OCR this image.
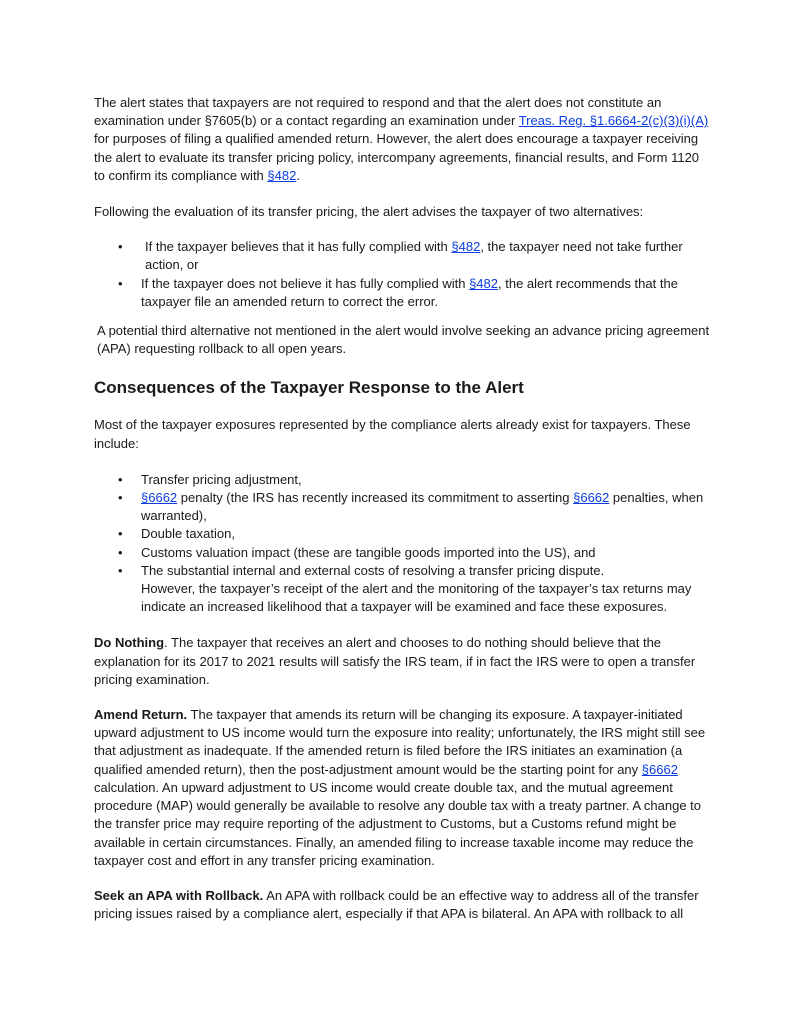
The alert states that taxpayers are not required to respond and that the alert does not constitute an examination under §7605(b) or a contact regarding an examination under Treas. Reg. §1.6664-2(c)(3)(i)(A) for purposes of filing a qualified amended return. However, the alert does encourage a taxpayer receiving the alert to evaluate its transfer pricing policy, intercompany agreements, financial results, and Form 1120 to confirm its compliance with §482.

Following the evaluation of its transfer pricing, the alert advises the taxpayer of two alternatives:

• If the taxpayer believes that it has fully complied with §482, the taxpayer need not take further action, or
• If the taxpayer does not believe it has fully complied with §482, the alert recommends that the taxpayer file an amended return to correct the error.

A potential third alternative not mentioned in the alert would involve seeking an advance pricing agreement (APA) requesting rollback to all open years.

Consequences of the Taxpayer Response to the Alert

Most of the taxpayer exposures represented by the compliance alerts already exist for taxpayers. These include:

• Transfer pricing adjustment,
• §6662 penalty (the IRS has recently increased its commitment to asserting §6662 penalties, when warranted),
• Double taxation,
• Customs valuation impact (these are tangible goods imported into the US), and
• The substantial internal and external costs of resolving a transfer pricing dispute.
However, the taxpayer’s receipt of the alert and the monitoring of the taxpayer’s tax returns may indicate an increased likelihood that a taxpayer will be examined and face these exposures.

Do Nothing. The taxpayer that receives an alert and chooses to do nothing should believe that the explanation for its 2017 to 2021 results will satisfy the IRS team, if in fact the IRS were to open a transfer pricing examination.

Amend Return. The taxpayer that amends its return will be changing its exposure. A taxpayer-initiated upward adjustment to US income would turn the exposure into reality; unfortunately, the IRS might still see that adjustment as inadequate. If the amended return is filed before the IRS initiates an examination (a qualified amended return), then the post-adjustment amount would be the starting point for any §6662 calculation. An upward adjustment to US income would create double tax, and the mutual agreement procedure (MAP) would generally be available to resolve any double tax with a treaty partner. A change to the transfer price may require reporting of the adjustment to Customs, but a Customs refund might be available in certain circumstances. Finally, an amended filing to increase taxable income may reduce the taxpayer cost and effort in any transfer pricing examination.

Seek an APA with Rollback. An APA with rollback could be an effective way to address all of the transfer pricing issues raised by a compliance alert, especially if that APA is bilateral. An APA with rollback to all
